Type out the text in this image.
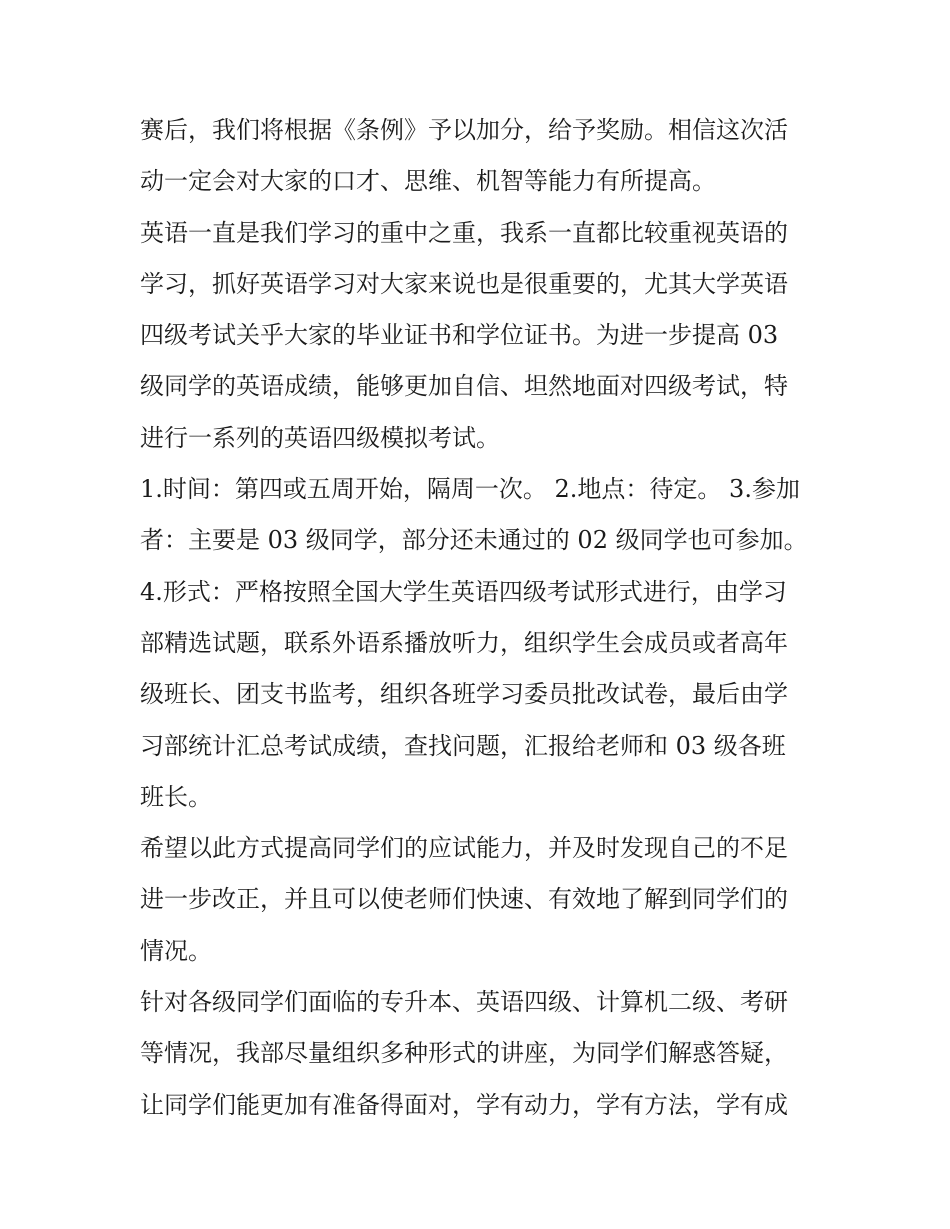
赛后，我们将根据《条例》予以加分，给予奖励。相信这次活

动一定会对大家的口才、思维、机智等能力有所提高。

英语一直是我们学习的重中之重，我系一直都比较重视英语的

学习，抓好英语学习对大家来说也是很重要的，尤其大学英语

四级考试关乎大家的毕业证书和学位证书。为进一步提高 03

级同学的英语成绩，能够更加自信、坦然地面对四级考试，特

进行一系列的英语四级模拟考试。

1.时间：第四或五周开始，隔周一次。 2.地点：待定。 3.参加

者：主要是 03 级同学，部分还未通过的 02 级同学也可参加。

4.形式：严格按照全国大学生英语四级考试形式进行，由学习

部精选试题，联系外语系播放听力，组织学生会成员或者高年

级班长、团支书监考，组织各班学习委员批改试卷，最后由学

习部统计汇总考试成绩，查找问题，汇报给老师和 03 级各班

班长。

希望以此方式提高同学们的应试能力，并及时发现自己的不足

进一步改正，并且可以使老师们快速、有效地了解到同学们的

情况。

针对各级同学们面临的专升本、英语四级、计算机二级、考研

等情况，我部尽量组织多种形式的讲座，为同学们解惑答疑，

让同学们能更加有准备得面对，学有动力，学有方法，学有成
